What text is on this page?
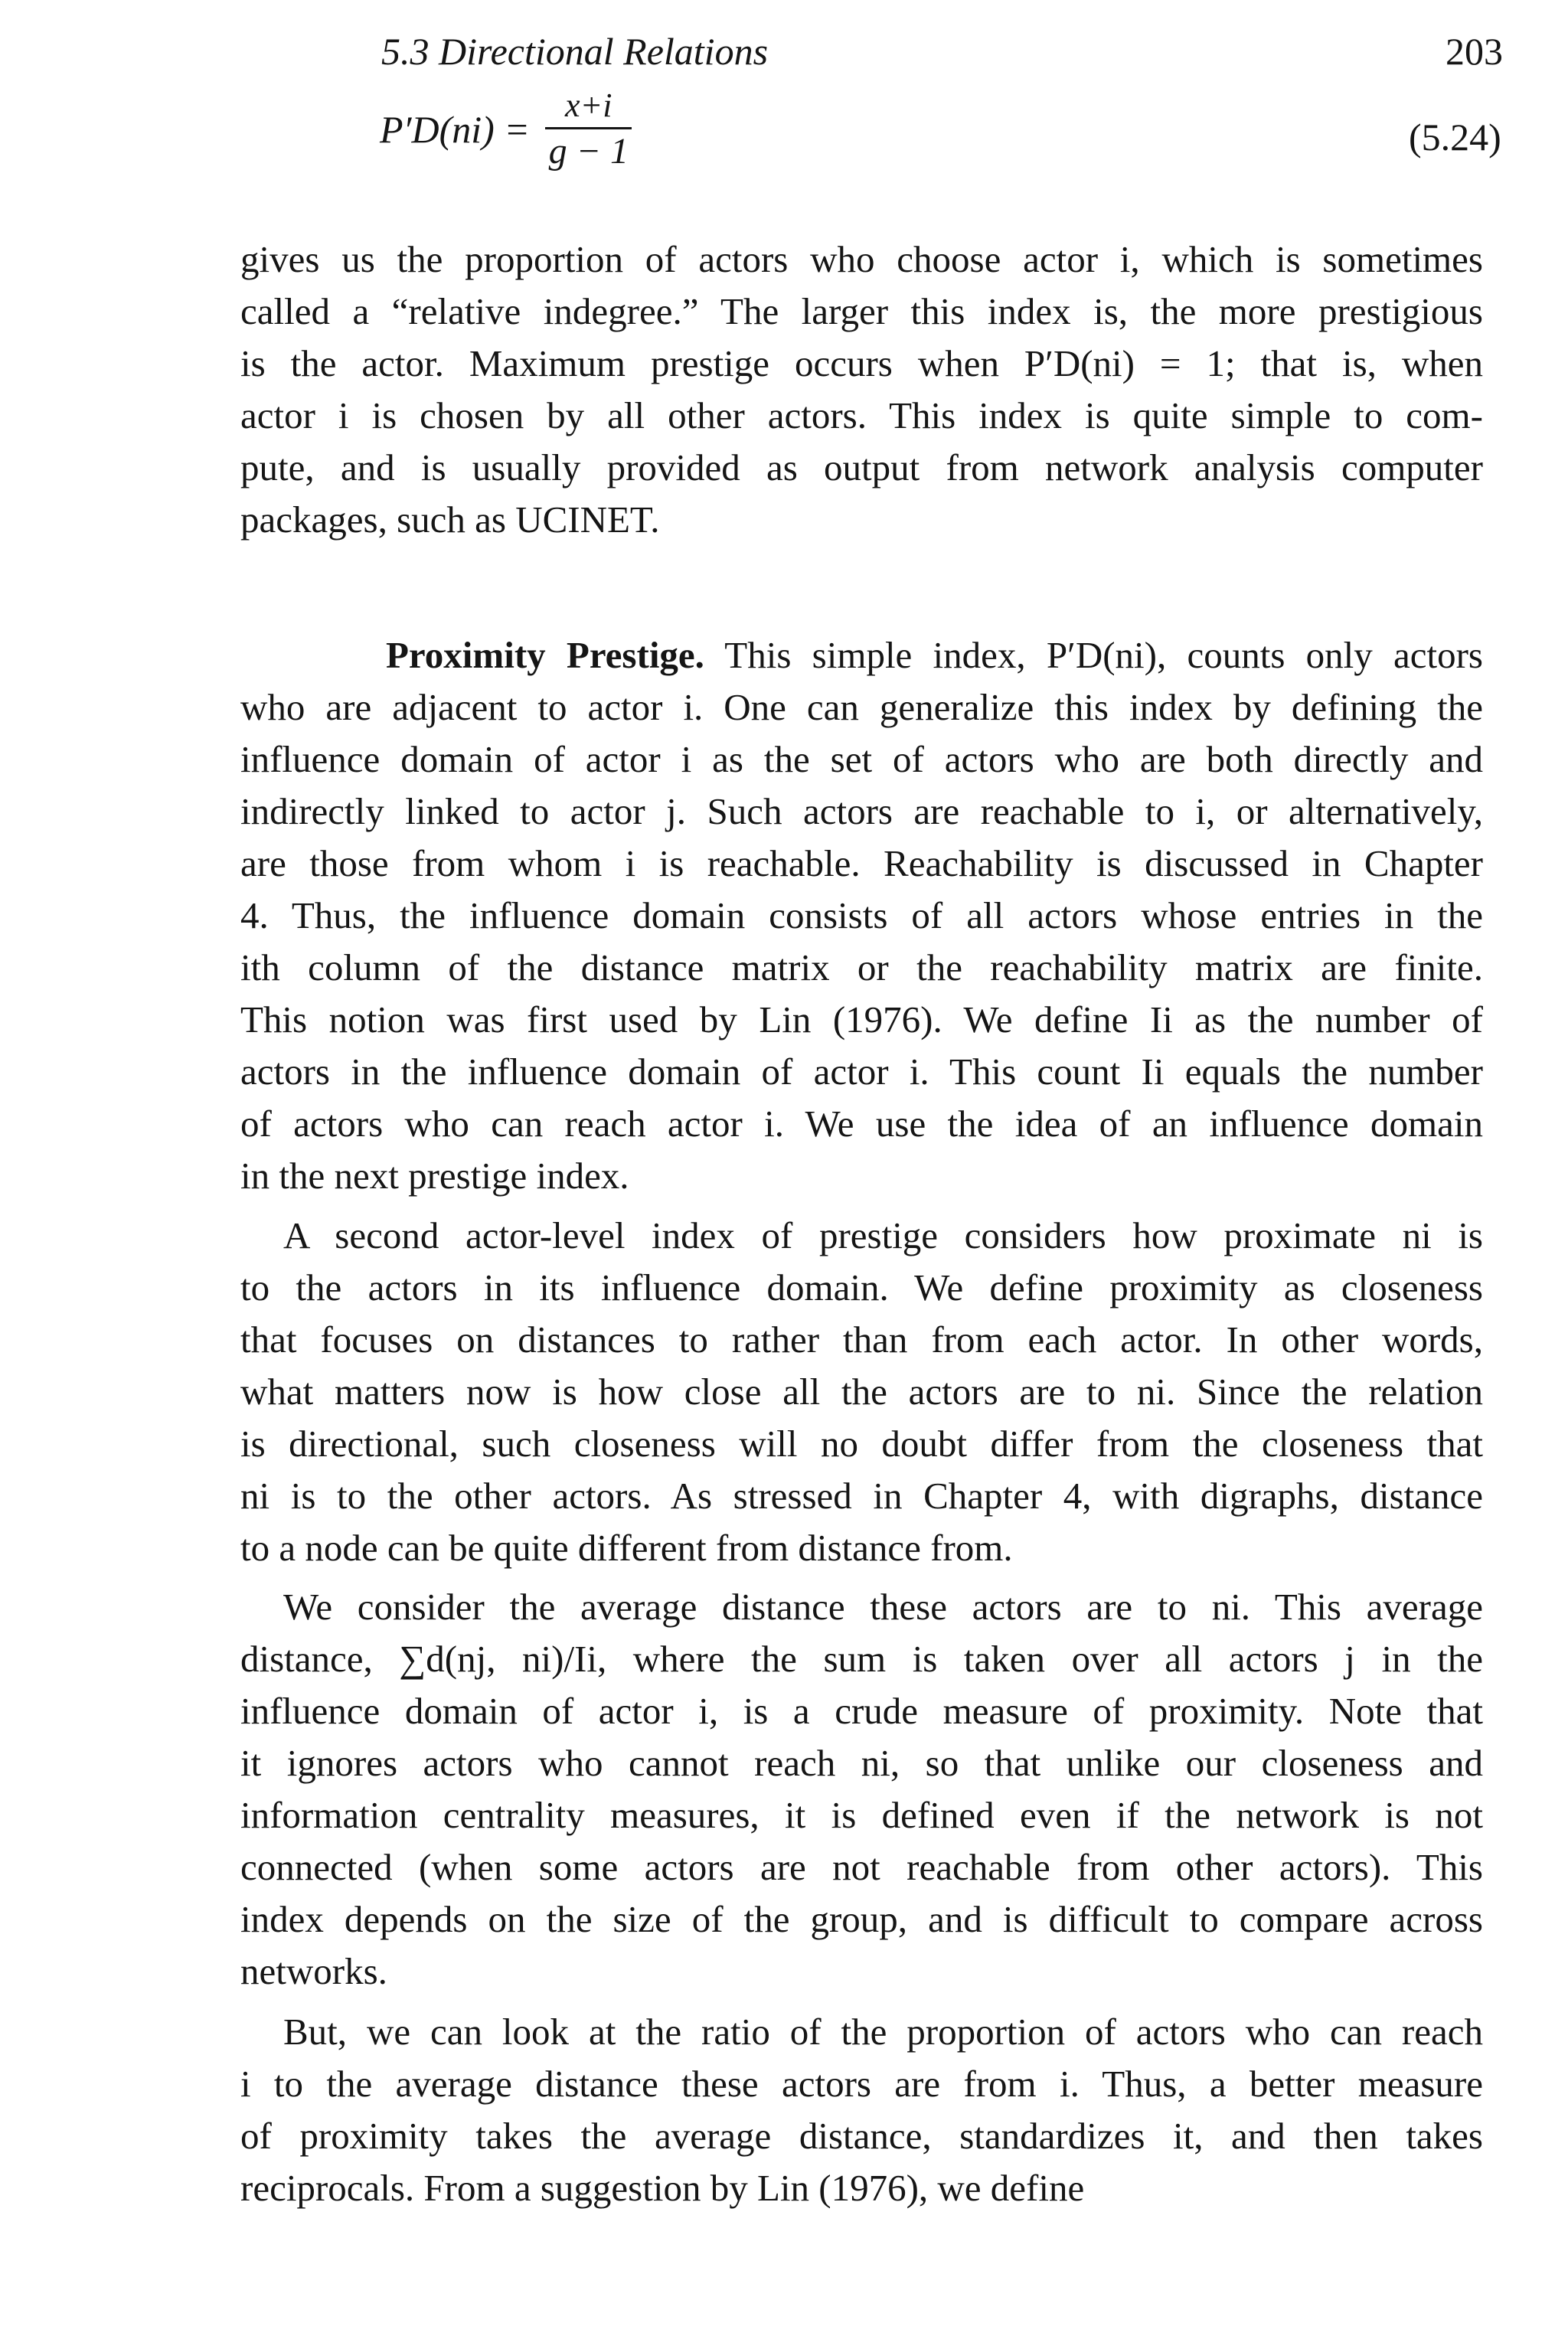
5.3 Directional Relations	203
$P'D(ni) = \frac{x+i}{g - 1}$	(5.24)
gives us the proportion of actors who choose actor i, which is sometimes
called a “relative indegree.” The larger this index is, the more prestigious
is the actor. Maximum prestige occurs when P′D(ni) = 1; that is, when
actor i is chosen by all other actors. This index is quite simple to com-
pute, and is usually provided as output from network analysis computer
packages, such as UCINET.
Proximity Prestige. This simple index, P′D(ni), counts only actors
who are adjacent to actor i. One can generalize this index by defining the
influence domain of actor i as the set of actors who are both directly and
indirectly linked to actor j. Such actors are reachable to i, or alternatively,
are those from whom i is reachable. Reachability is discussed in Chapter
4. Thus, the influence domain consists of all actors whose entries in the
ith column of the distance matrix or the reachability matrix are finite.
This notion was first used by Lin (1976). We define Ii as the number of
actors in the influence domain of actor i. This count Ii equals the number
of actors who can reach actor i. We use the idea of an influence domain
in the next prestige index.
A second actor-level index of prestige considers how proximate ni is
to the actors in its influence domain. We define proximity as closeness
that focuses on distances to rather than from each actor. In other words,
what matters now is how close all the actors are to ni. Since the relation
is directional, such closeness will no doubt differ from the closeness that
ni is to the other actors. As stressed in Chapter 4, with digraphs, distance
to a node can be quite different from distance from.
We consider the average distance these actors are to ni. This average
distance, ∑d(nj, ni)/Ii, where the sum is taken over all actors j in the
influence domain of actor i, is a crude measure of proximity. Note that
it ignores actors who cannot reach ni, so that unlike our closeness and
information centrality measures, it is defined even if the network is not
connected (when some actors are not reachable from other actors). This
index depends on the size of the group, and is difficult to compare across
networks.
But, we can look at the ratio of the proportion of actors who can reach
i to the average distance these actors are from i. Thus, a better measure
of proximity takes the average distance, standardizes it, and then takes
reciprocals. From a suggestion by Lin (1976), we define
